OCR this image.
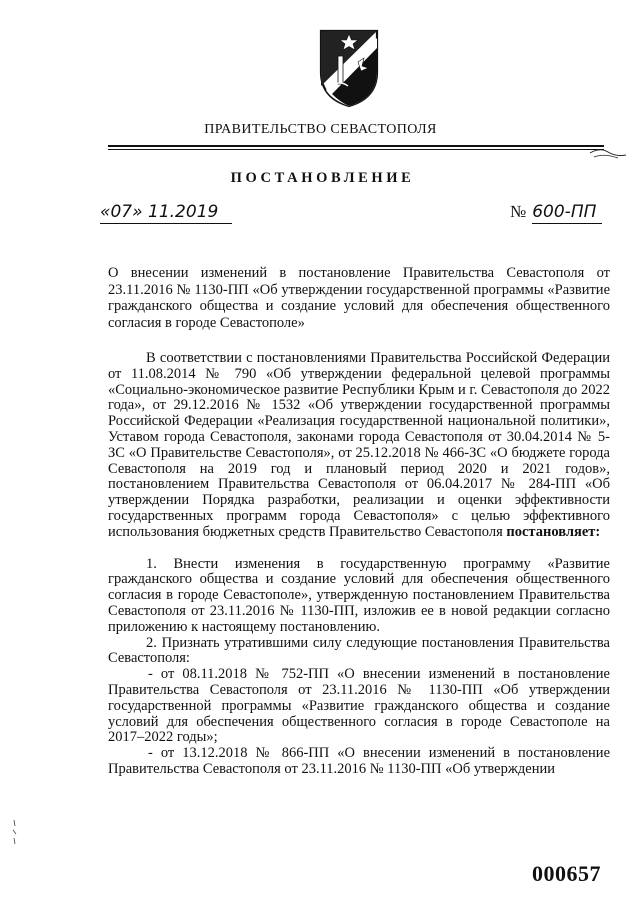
ПРАВИТЕЛЬСТВО СЕВАСТОПОЛЯ
ПОСТАНОВЛЕНИЕ
«07» 11.2019	№ 600-ПП
О внесении изменений в постановление Правительства Севастополя от 23.11.2016 № 1130-ПП «Об утверждении государственной программы «Развитие гражданского общества и создание условий для обеспечения общественного согласия в городе Севастополе»

В соответствии с постановлениями Правительства Российской Федерации от 11.08.2014 № 790 «Об утверждении федеральной целевой программы «Социально-экономическое развитие Республики Крым и г. Севастополя до 2022 года», от 29.12.2016 № 1532 «Об утверждении государственной программы Российской Федерации «Реализация государственной национальной политики», Уставом города Севастополя, законами города Севастополя от 30.04.2014 № 5-ЗС «О Правительстве Севастополя», от 25.12.2018 № 466-ЗС «О бюджете города Севастополя на 2019 год и плановый период 2020 и 2021 годов», постановлением Правительства Севастополя от 06.04.2017 № 284-ПП «Об утверждении Порядка разработки, реализации и оценки эффективности государственных программ города Севастополя» с целью эффективного использования бюджетных средств Правительство Севастополя постановляет:

1. Внести изменения в государственную программу «Развитие гражданского общества и создание условий для обеспечения общественного согласия в городе Севастополе», утвержденную постановлением Правительства Севастополя от 23.11.2016 № 1130-ПП, изложив ее в новой редакции согласно приложению к настоящему постановлению.

2. Признать утратившими силу следующие постановления Правительства Севастополя:

- от 08.11.2018 № 752-ПП «О внесении изменений в постановление Правительства Севастополя от 23.11.2016 № 1130-ПП «Об утверждении государственной программы «Развитие гражданского общества и создание условий для обеспечения общественного согласия в городе Севастополе на 2017–2022 годы»;

- от 13.12.2018 № 866-ПП «О внесении изменений в постановление Правительства Севастополя от 23.11.2016 № 1130-ПП «Об утверждении

000657
